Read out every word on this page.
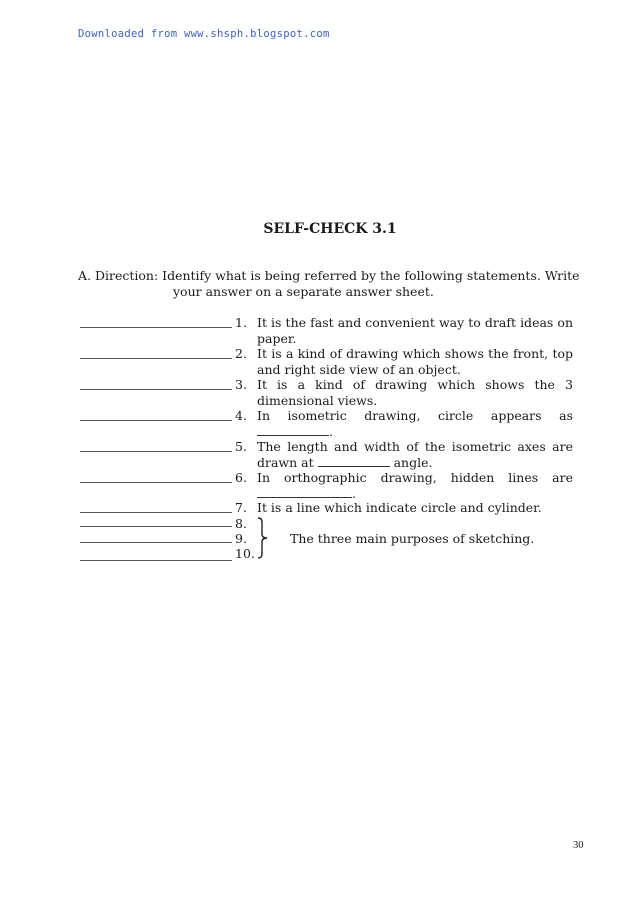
Downloaded from www.shsph.blogspot.com
SELF-CHECK 3.1
A. Direction: Identify what is being referred by the following statements. Write
your answer on a separate answer sheet.
1. It is the fast and convenient way to draft ideas on
paper.
2. It is a kind of drawing which shows the front, top
and right side view of an object.
3. It is a kind of drawing which shows the 3
dimensional views.
4. In isometric drawing, circle appears as
.
5. The length and width of the isometric axes are
drawn at	angle.
6. In orthographic drawing, hidden lines are
.
7. It is a line which indicate circle and cylinder.
8.
9.
10.
The three main purposes of sketching.
30
